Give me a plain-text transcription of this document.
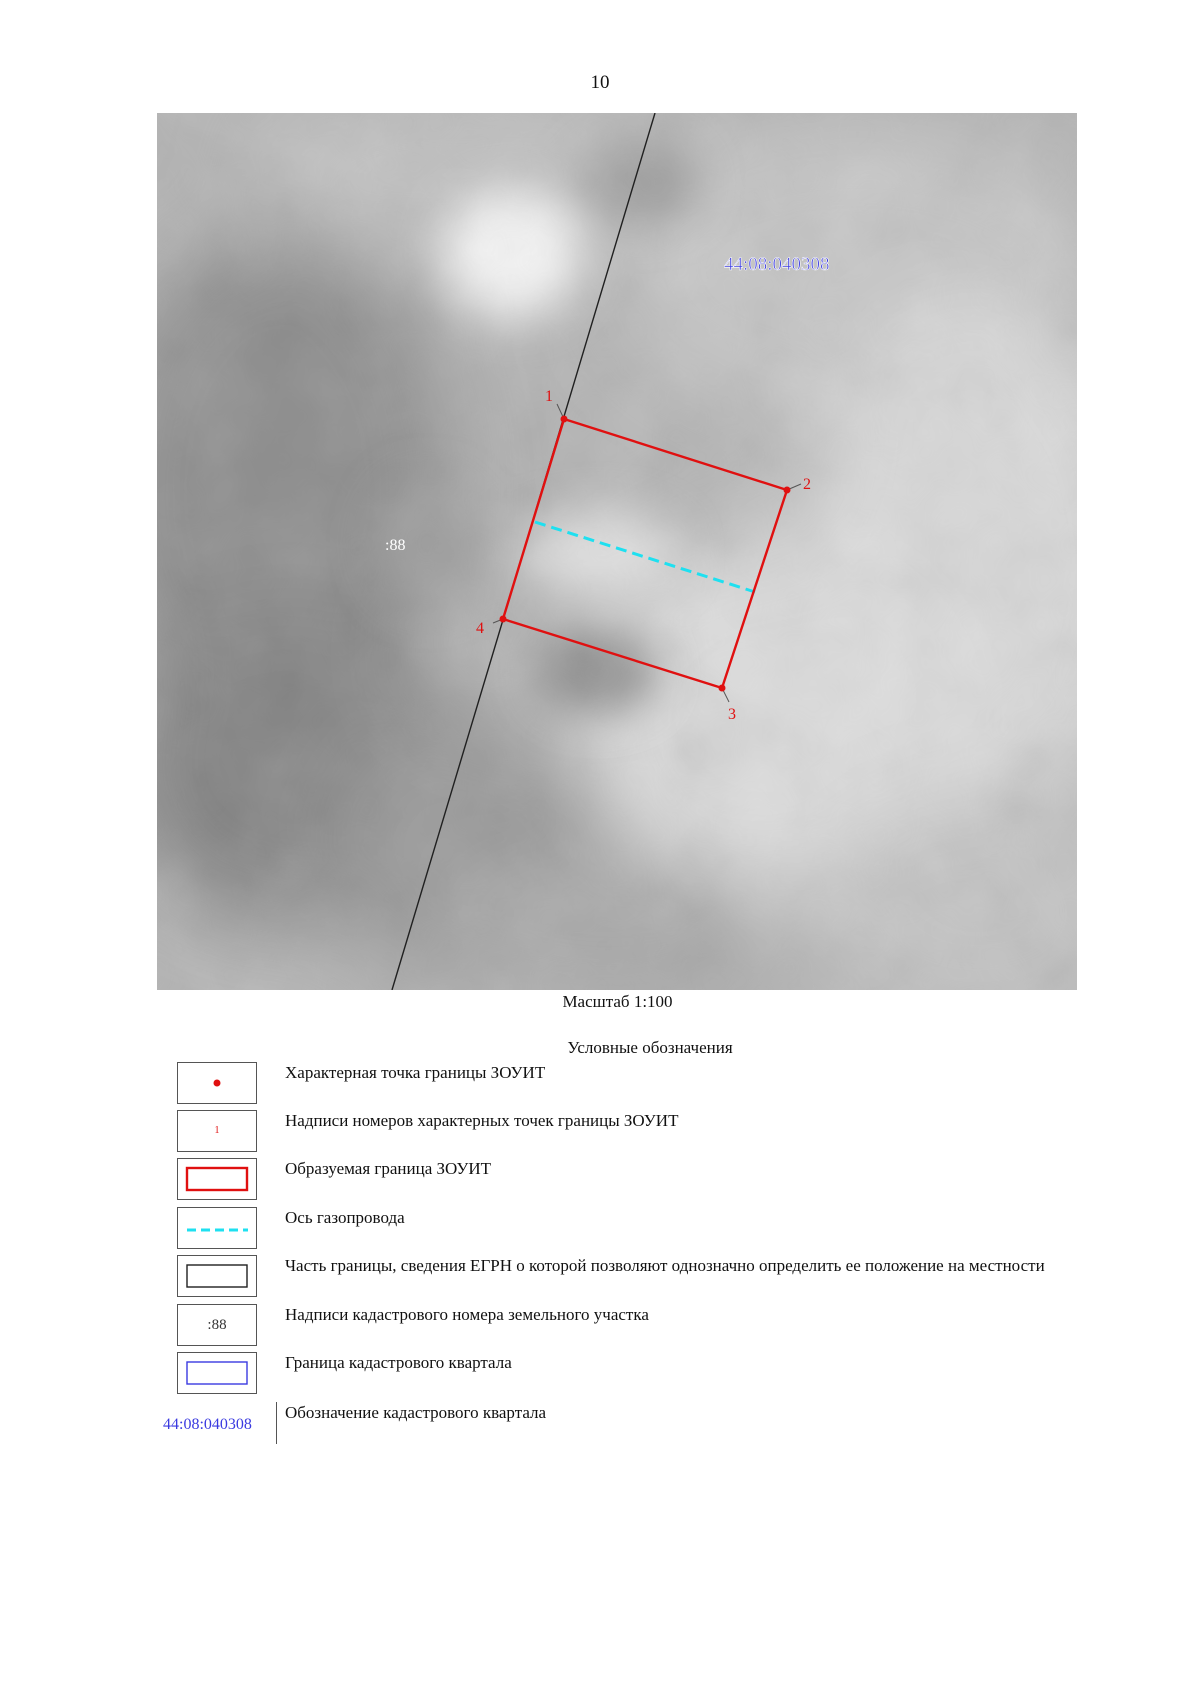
10
1
2
3
4
44:08:040308
:88
Масштаб 1:100
Условные обозначения
Характерная точка границы ЗОУИТ
1
Надписи номеров характерных точек границы ЗОУИТ
Образуемая граница ЗОУИТ
Ось газопровода
Часть границы, сведения ЕГРН о которой позволяют однозначно определить ее положение на местности
:88
Надписи кадастрового номера земельного участка
Граница кадастрового квартала
44:08:040308
Обозначение кадастрового квартала
